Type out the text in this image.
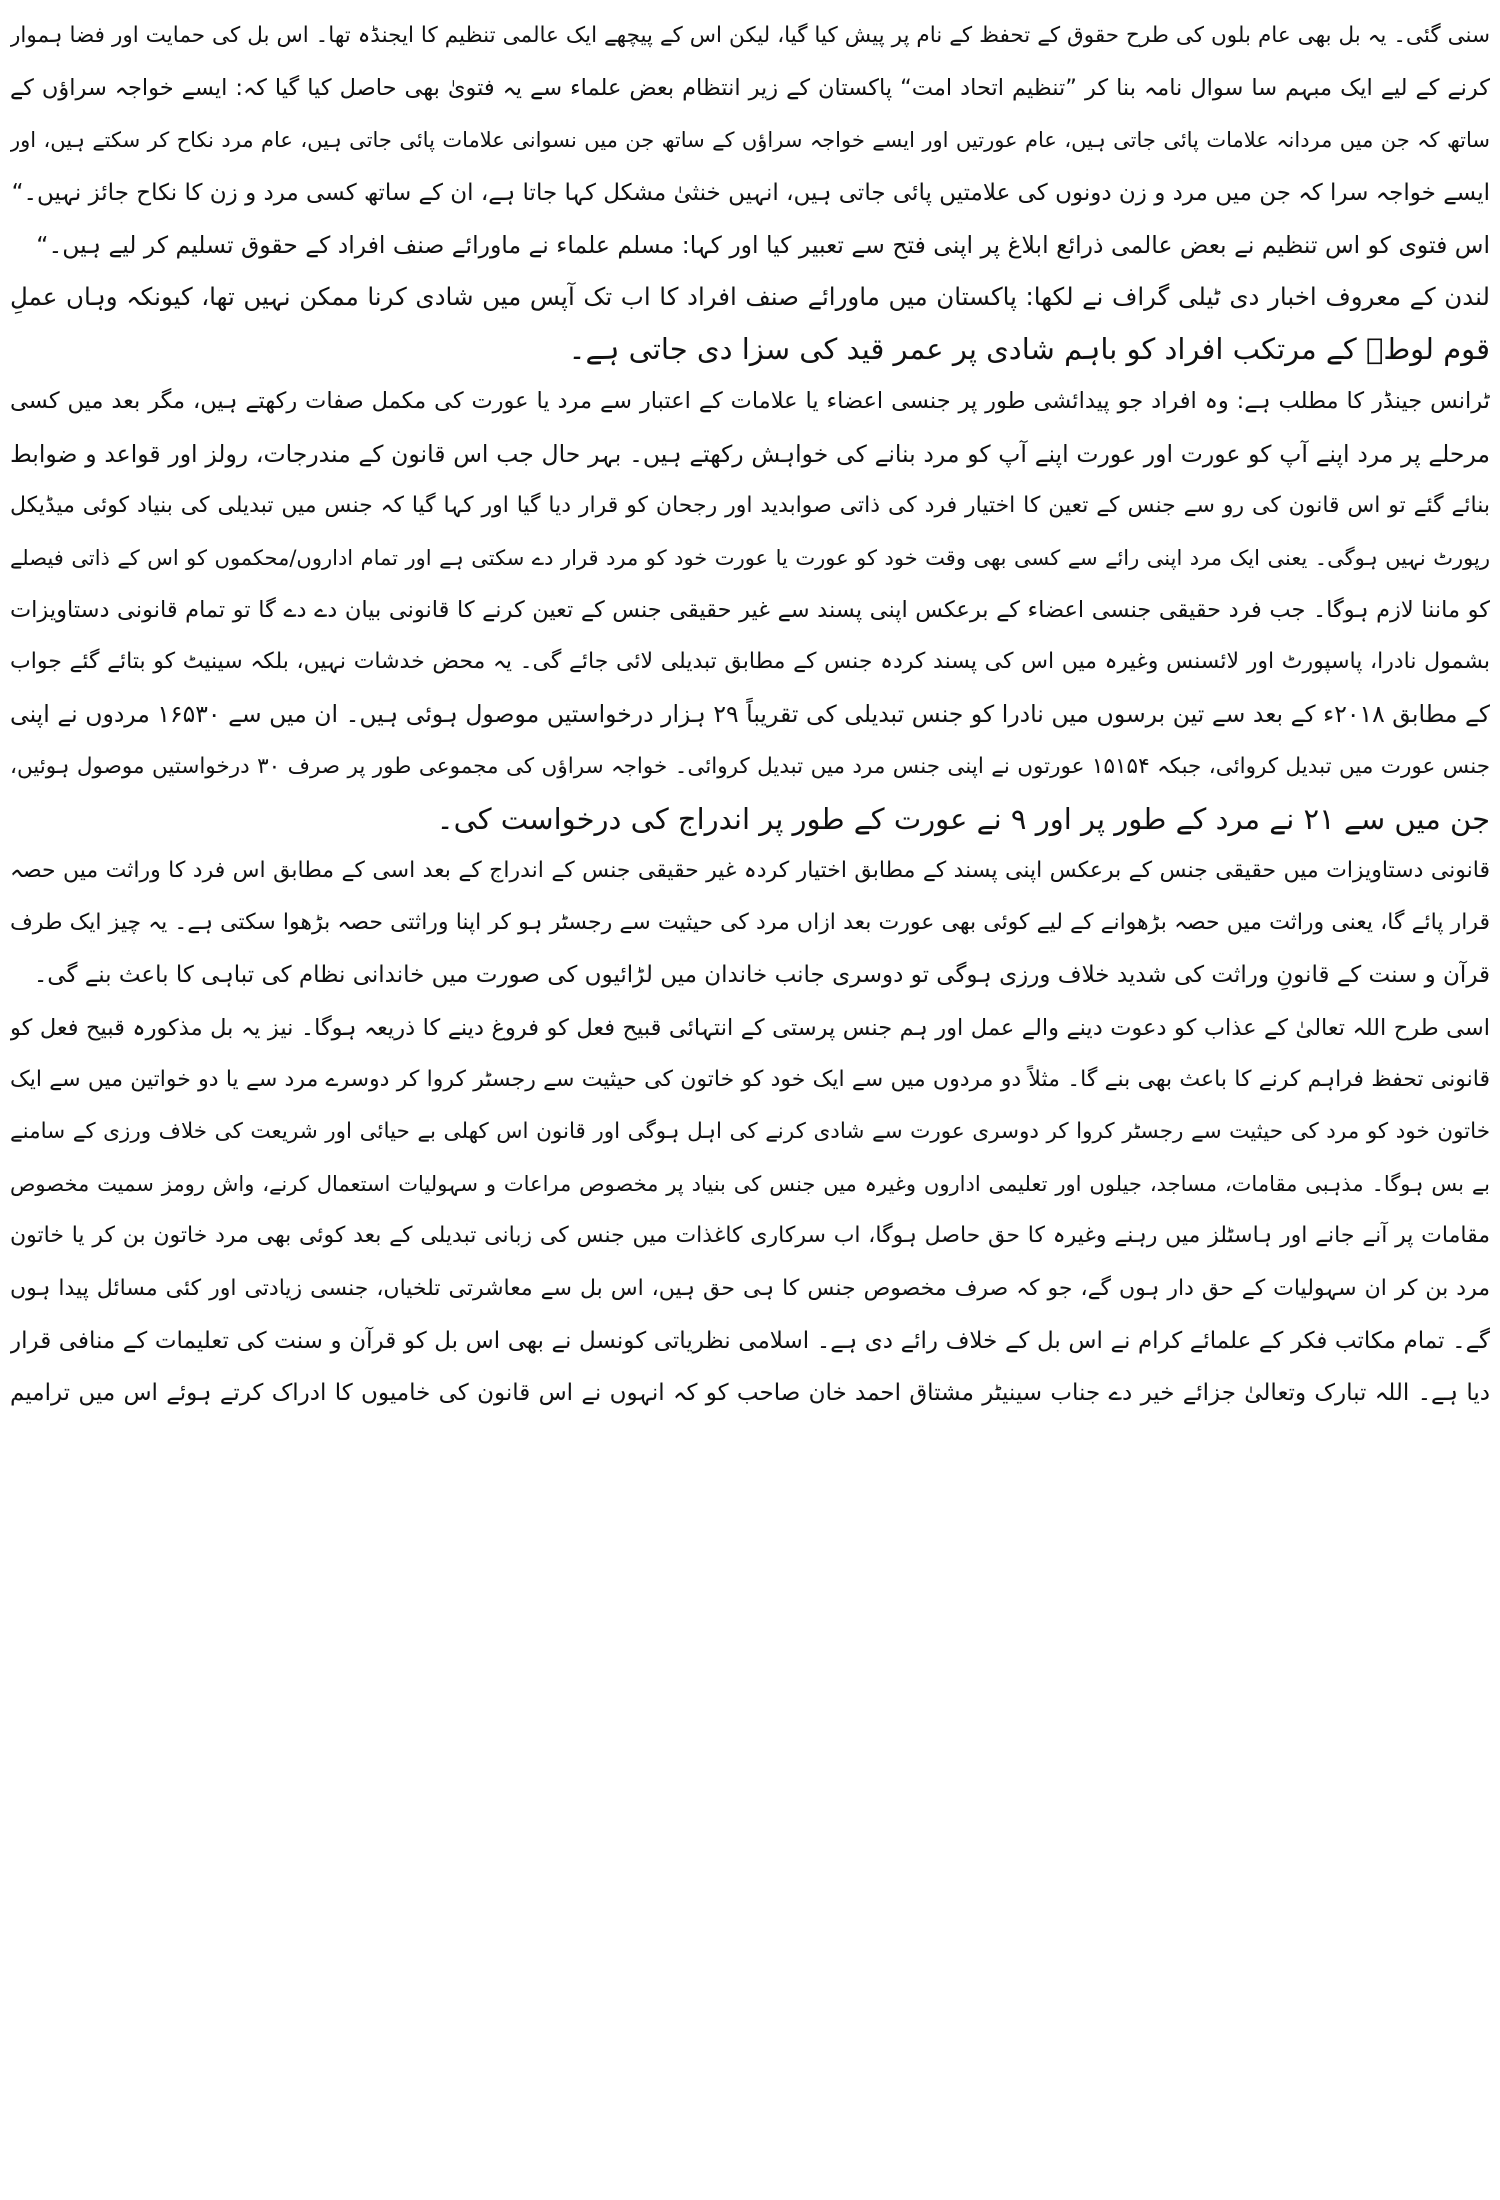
سنی گئی۔ یہ بل بھی عام بلوں کی طرح حقوق کے تحفظ کے نام پر پیش کیا گیا، لیکن اس کے پیچھے ایک عالمی تنظیم کا ایجنڈہ تھا۔ اس بل کی حمایت اور فضا ہموار
کرنے کے لیے ایک مبہم سا سوال نامہ بنا کر ”تنظیم اتحاد امت“ پاکستان کے زیر انتظام بعض علماء سے یہ فتویٰ بھی حاصل کیا گیا کہ: ایسے خواجہ سراؤں کے
ساتھ کہ جن میں مردانہ علامات پائی جاتی ہیں، عام عورتیں اور ایسے خواجہ سراؤں کے ساتھ جن میں نسوانی علامات پائی جاتی ہیں، عام مرد نکاح کر سکتے ہیں، اور
ایسے خواجہ سرا کہ جن میں مرد و زن دونوں کی علامتیں پائی جاتی ہیں، انہیں خنثیٰ مشکل کہا جاتا ہے، ان کے ساتھ کسی مرد و زن کا نکاح جائز نہیں۔“
اس فتوی کو اس تنظیم نے بعض عالمی ذرائع ابلاغ پر اپنی فتح سے تعبیر کیا اور کہا: مسلم علماء نے ماورائے صنف افراد کے حقوق تسلیم کر لیے ہیں۔“
لندن کے معروف اخبار دی ٹیلی گراف نے لکھا: پاکستان میں ماورائے صنف افراد کا اب تک آپس میں شادی کرنا ممکن نہیں تھا، کیونکہ وہاں عملِ
قوم لوطؑ کے مرتکب افراد کو باہم شادی پر عمر قید کی سزا دی جاتی ہے۔
ٹرانس جینڈر کا مطلب ہے: وہ افراد جو پیدائشی طور پر جنسی اعضاء یا علامات کے اعتبار سے مرد یا عورت کی مکمل صفات رکھتے ہیں، مگر بعد میں کسی
مرحلے پر مرد اپنے آپ کو عورت اور عورت اپنے آپ کو مرد بنانے کی خواہش رکھتے ہیں۔ بہر حال جب اس قانون کے مندرجات، رولز اور قواعد و ضوابط
بنائے گئے تو اس قانون کی رو سے جنس کے تعین کا اختیار فرد کی ذاتی صوابدید اور رجحان کو قرار دیا گیا اور کہا گیا کہ جنس میں تبدیلی کی بنیاد کوئی میڈیکل
رپورٹ نہیں ہوگی۔ یعنی ایک مرد اپنی رائے سے کسی بھی وقت خود کو عورت یا عورت خود کو مرد قرار دے سکتی ہے اور تمام اداروں/محکموں کو اس کے ذاتی فیصلے
کو ماننا لازم ہوگا۔ جب فرد حقیقی جنسی اعضاء کے برعکس اپنی پسند سے غیر حقیقی جنس کے تعین کرنے کا قانونی بیان دے دے گا تو تمام قانونی دستاویزات
بشمول نادرا، پاسپورٹ اور لائسنس وغیرہ میں اس کی پسند کردہ جنس کے مطابق تبدیلی لائی جائے گی۔ یہ محض خدشات نہیں، بلکہ سینیٹ کو بتائے گئے جواب
کے مطابق ۲۰۱۸ء کے بعد سے تین برسوں میں نادرا کو جنس تبدیلی کی تقریباً ۲۹ ہزار درخواستیں موصول ہوئی ہیں۔ ان میں سے ۱۶۵۳۰ مردوں نے اپنی
جنس عورت میں تبدیل کروائی، جبکہ ۱۵۱۵۴ عورتوں نے اپنی جنس مرد میں تبدیل کروائی۔ خواجہ سراؤں کی مجموعی طور پر صرف ۳۰ درخواستیں موصول ہوئیں،
جن میں سے ۲۱ نے مرد کے طور پر اور ۹ نے عورت کے طور پر اندراج کی درخواست کی۔
قانونی دستاویزات میں حقیقی جنس کے برعکس اپنی پسند کے مطابق اختیار کردہ غیر حقیقی جنس کے اندراج کے بعد اسی کے مطابق اس فرد کا وراثت میں حصہ
قرار پائے گا، یعنی وراثت میں حصہ بڑھوانے کے لیے کوئی بھی عورت بعد ازاں مرد کی حیثیت سے رجسٹر ہو کر اپنا وراثتی حصہ بڑھوا سکتی ہے۔ یہ چیز ایک طرف
قرآن و سنت کے قانونِ وراثت کی شدید خلاف ورزی ہوگی تو دوسری جانب خاندان میں لڑائیوں کی صورت میں خاندانی نظام کی تباہی کا باعث بنے گی۔
اسی طرح اللہ تعالیٰ کے عذاب کو دعوت دینے والے عمل اور ہم جنس پرستی کے انتہائی قبیح فعل کو فروغ دینے کا ذریعہ ہوگا۔ نیز یہ بل مذکورہ قبیح فعل کو
قانونی تحفظ فراہم کرنے کا باعث بھی بنے گا۔ مثلاً دو مردوں میں سے ایک خود کو خاتون کی حیثیت سے رجسٹر کروا کر دوسرے مرد سے یا دو خواتین میں سے ایک
خاتون خود کو مرد کی حیثیت سے رجسٹر کروا کر دوسری عورت سے شادی کرنے کی اہل ہوگی اور قانون اس کھلی بے حیائی اور شریعت کی خلاف ورزی کے سامنے
بے بس ہوگا۔ مذہبی مقامات، مساجد، جیلوں اور تعلیمی اداروں وغیرہ میں جنس کی بنیاد پر مخصوص مراعات و سہولیات استعمال کرنے، واش رومز سمیت مخصوص
مقامات پر آنے جانے اور ہاسٹلز میں رہنے وغیرہ کا حق حاصل ہوگا، اب سرکاری کاغذات میں جنس کی زبانی تبدیلی کے بعد کوئی بھی مرد خاتون بن کر یا خاتون
مرد بن کر ان سہولیات کے حق دار ہوں گے، جو کہ صرف مخصوص جنس کا ہی حق ہیں، اس بل سے معاشرتی تلخیاں، جنسی زیادتی اور کئی مسائل پیدا ہوں
گے۔ تمام مکاتب فکر کے علمائے کرام نے اس بل کے خلاف رائے دی ہے۔ اسلامی نظریاتی کونسل نے بھی اس بل کو قرآن و سنت کی تعلیمات کے منافی قرار
دیا ہے۔ اللہ تبارک وتعالیٰ جزائے خیر دے جناب سینیٹر مشتاق احمد خان صاحب کو کہ انہوں نے اس قانون کی خامیوں کا ادراک کرتے ہوئے اس میں ترامیم
